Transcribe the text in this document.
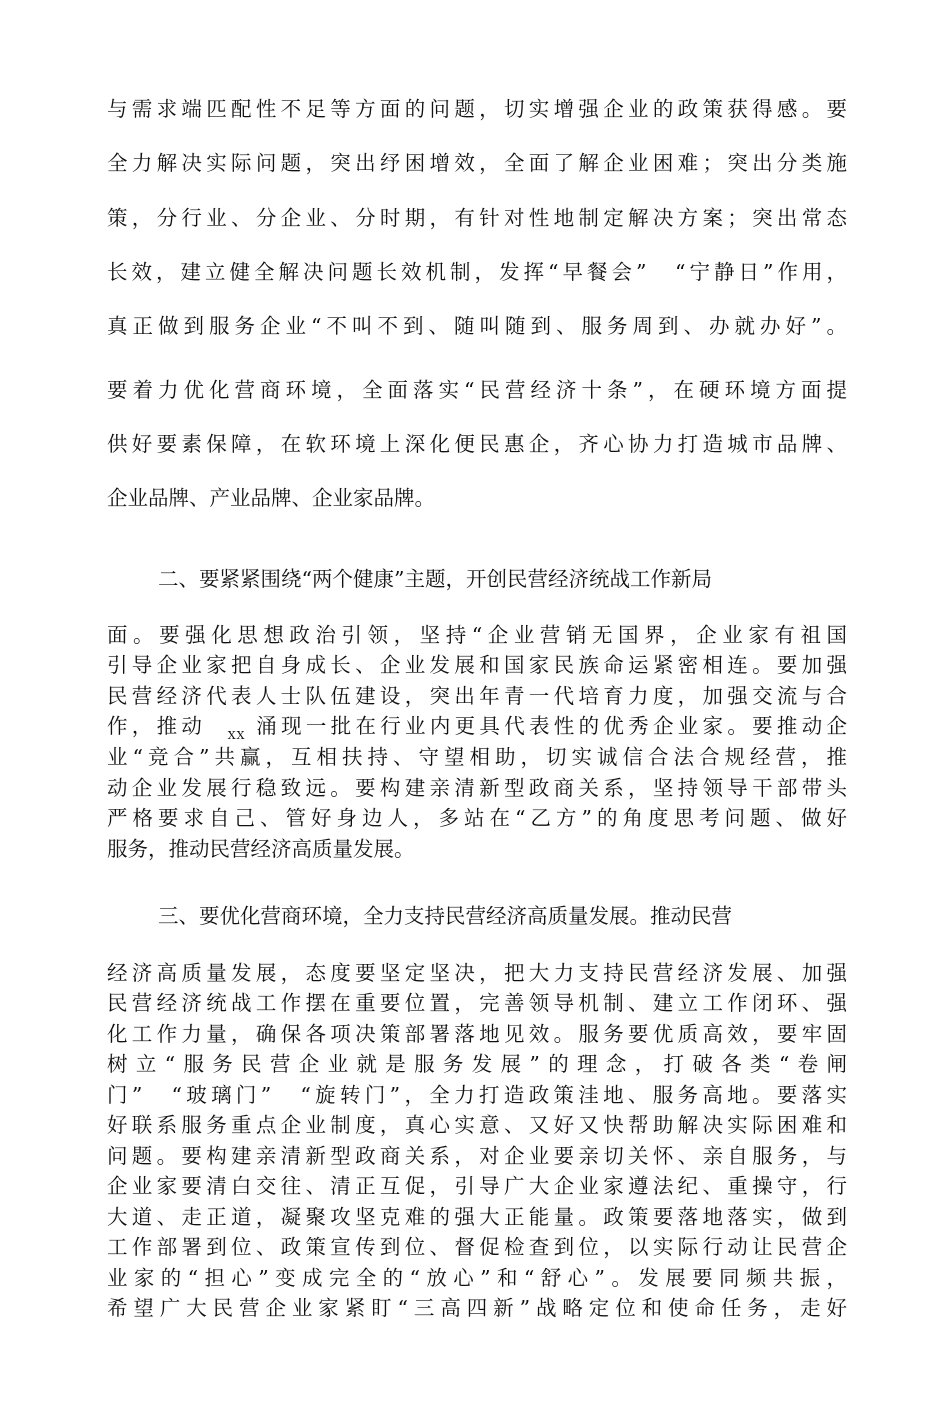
与需求端匹配性不足等方面的问题，切实增强企业的政策获得感。要
全力解决实际问题，突出纾困增效，全面了解企业困难；突出分类施
策，分行业、分企业、分时期，有针对性地制定解决方案；突出常态
长效，建立健全解决问题长效机制，发挥“早餐会”　“宁静日”作用，
真正做到服务企业“不叫不到、随叫随到、服务周到、办就办好”。
要着力优化营商环境，全面落实“民营经济十条”，在硬环境方面提
供好要素保障，在软环境上深化便民惠企，齐心协力打造城市品牌、
企业品牌、产业品牌、企业家品牌。
二、要紧紧围绕“两个健康”主题，开创民营经济统战工作新局
面。要强化思想政治引领，坚持“企业营销无国界，企业家有祖国
引导企业家把自身成长、企业发展和国家民族命运紧密相连。要加强
民营经济代表人士队伍建设，突出年青一代培育力度，加强交流与合
作，推动 $_{XX}$ 涌现一批在行业内更具代表性的优秀企业家。要推动企
业“竞合”共赢，互相扶持、守望相助，切实诚信合法合规经营，推
动企业发展行稳致远。要构建亲清新型政商关系，坚持领导干部带头
严格要求自己、管好身边人，多站在“乙方”的角度思考问题、做好
服务，推动民营经济高质量发展。
三、要优化营商环境，全力支持民营经济高质量发展。推动民营
经济高质量发展，态度要坚定坚决，把大力支持民营经济发展、加强
民营经济统战工作摆在重要位置，完善领导机制、建立工作闭环、强
化工作力量，确保各项决策部署落地见效。服务要优质高效，要牢固
树立“服务民营企业就是服务发展”的理念，打破各类“卷闸
门”　“玻璃门”　“旋转门”，全力打造政策洼地、服务高地。要落实
好联系服务重点企业制度，真心实意、又好又快帮助解决实际困难和
问题。要构建亲清新型政商关系，对企业要亲切关怀、亲自服务，与
企业家要清白交往、清正互促，引导广大企业家遵法纪、重操守，行
大道、走正道，凝聚攻坚克难的强大正能量。政策要落地落实，做到
工作部署到位、政策宣传到位、督促检查到位，以实际行动让民营企
业家的“担心”变成完全的“放心”和“舒心”。发展要同频共振，
希望广大民营企业家紧盯“三高四新”战略定位和使命任务，走好
